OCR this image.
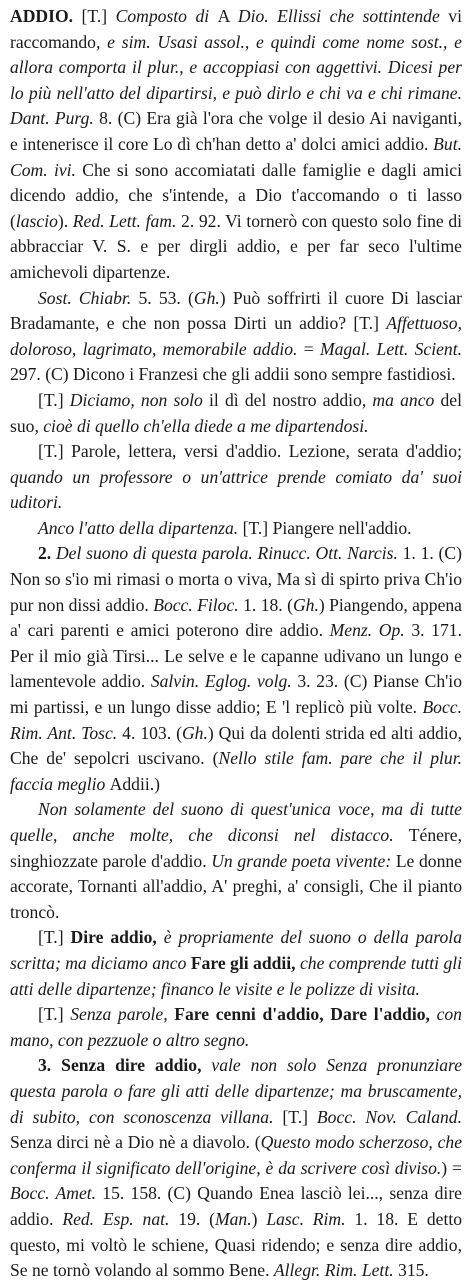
ADDIO. [T.] Composto di A Dio. Ellissi che sottintende vi raccomando, e sim. Usasi assol., e quindi come nome sost., e allora comporta il plur., e accoppiasi con aggettivi. Dicesi per lo più nell'atto del dipartirsi, e può dirlo e chi va e chi rimane. Dant. Purg. 8. (C) Era già l'ora che volge il desio Ai naviganti, e intenerisce il core Lo dì ch'han detto a' dolci amici addio. But. Com. ivi. Che si sono accomiatati dalle famiglie e dagli amici dicendo addio, che s'intende, a Dio t'accomando o ti lasso (lascio). Red. Lett. fam. 2. 92. Vi tornerò con questo solo fine di abbracciar V. S. e per dirgli addio, e per far seco l'ultime amichevoli dipartenze.

Sost. Chiabr. 5. 53. (Gh.) Può soffrirti il cuore Di lasciar Bradamante, e che non possa Dirti un addio? [T.] Affettuoso, doloroso, lagrimato, memorabile addio. = Magal. Lett. Scient. 297. (C) Dicono i Franzesi che gli addii sono sempre fastidiosi.

[T.] Diciamo, non solo il dì del nostro addio, ma anco del suo, cioè di quello ch'ella diede a me dipartendosi.

[T.] Parole, lettera, versi d'addio. Lezione, serata d'addio; quando un professore o un'attrice prende comiato da' suoi uditori.

Anco l'atto della dipartenza. [T.] Piangere nell'addio.

2. Del suono di questa parola. Rinucc. Ott. Narcis. 1. 1. (C) Non so s'io mi rimasi o morta o viva, Ma sì di spirto priva Ch'io pur non dissi addio. Bocc. Filoc. 1. 18. (Gh.) Piangendo, appena a' cari parenti e amici poterono dire addio. Menz. Op. 3. 171. Per il mio già Tirsi... Le selve e le capanne udivano un lungo e lamentevole addio. Salvin. Eglog. volg. 3. 23. (C) Pianse Ch'io mi partissi, e un lungo disse addio; E 'l replicò più volte. Bocc. Rim. Ant. Tosc. 4. 103. (Gh.) Qui da dolenti strida ed alti addio, Che de' sepolcri uscivano. (Nello stile fam. pare che il plur. faccia meglio Addii.)

Non solamente del suono di quest'unica voce, ma di tutte quelle, anche molte, che diconsi nel distacco. Ténere, singhiozzate parole d'addio. Un grande poeta vivente: Le donne accorate, Tornanti all'addio, A' preghi, a' consigli, Che il pianto troncò.

[T.] Dire addio, è propriamente del suono o della parola scritta; ma diciamo anco Fare gli addii, che comprende tutti gli atti delle dipartenze; financo le visite e le polizze di visita.

[T.] Senza parole, Fare cenni d'addio, Dare l'addio, con mano, con pezzuole o altro segno.

3. Senza dire addio, vale non solo Senza pronunziare questa parola o fare gli atti delle dipartenze; ma bruscamente, di subito, con sconoscenza villana. [T.] Bocc. Nov. Caland. Senza dirci nè a Dio nè a diavolo. (Questo modo scherzoso, che conferma il significato dell'origine, è da scrivere così diviso.) = Bocc. Amet. 15. 158. (C) Quando Enea lasciò lei..., senza dire addio. Red. Esp. nat. 19. (Man.) Lasc. Rim. 1. 18. E detto questo, mi voltò le schiene, Quasi ridendo; e senza dire addio, Se ne tornò volando al sommo Bene. Allegr. Rim. Lett. 315.
